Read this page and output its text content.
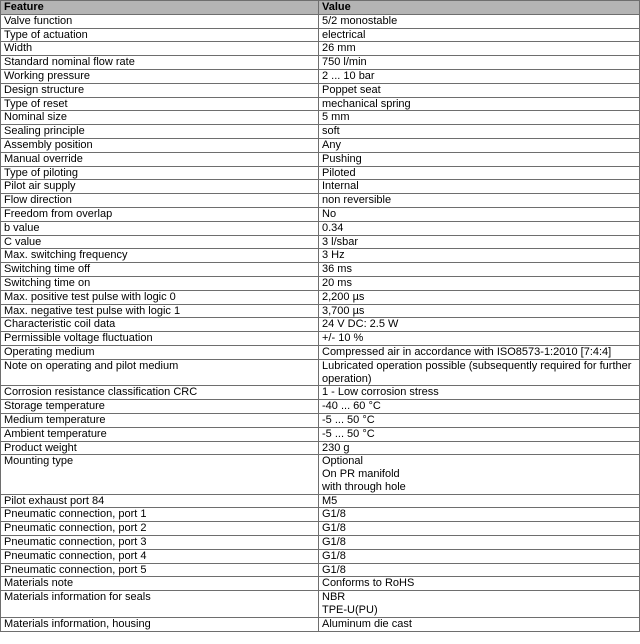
Feature	Value
Valve function	5/2 monostable

Type of actuation	electrical

Width	26 mm

Standard nominal flow rate	750 l/min

Working pressure	2 ... 10 bar

Design structure	Poppet seat

Type of reset	mechanical spring

Nominal size	5 mm

Sealing principle	soft

Assembly position	Any

Manual override	Pushing

Type of piloting	Piloted

Pilot air supply	Internal

Flow direction	non reversible

Freedom from overlap	No

b value	0.34

C value	3 l/sbar

Max. switching frequency	3 Hz

Switching time off	36 ms

Switching time on	20 ms

Max. positive test pulse with logic 0	2,200 µs

Max. negative test pulse with logic 1	3,700 µs

Characteristic coil data	24 V DC: 2.5 W

Permissible voltage fluctuation	+/- 10 %

Operating medium	Compressed air in accordance with ISO8573-1:2010 [7:4:4]

Note on operating and pilot medium	Lubricated operation possible (subsequently required for further operation)

Corrosion resistance classification CRC	1 - Low corrosion stress

Storage temperature	-40 ... 60 °C

Medium temperature	-5 ... 50 °C

Ambient temperature	-5 ... 50 °C

Product weight	230 g

Mounting type	Optional
On PR manifold
with through hole

Pilot exhaust port 84	M5

Pneumatic connection, port 1	G1/8

Pneumatic connection, port 2	G1/8

Pneumatic connection, port 3	G1/8

Pneumatic connection, port 4	G1/8

Pneumatic connection, port 5	G1/8

Materials note	Conforms to RoHS

Materials information for seals	NBR
TPE-U(PU)

Materials information, housing	Aluminum die cast
